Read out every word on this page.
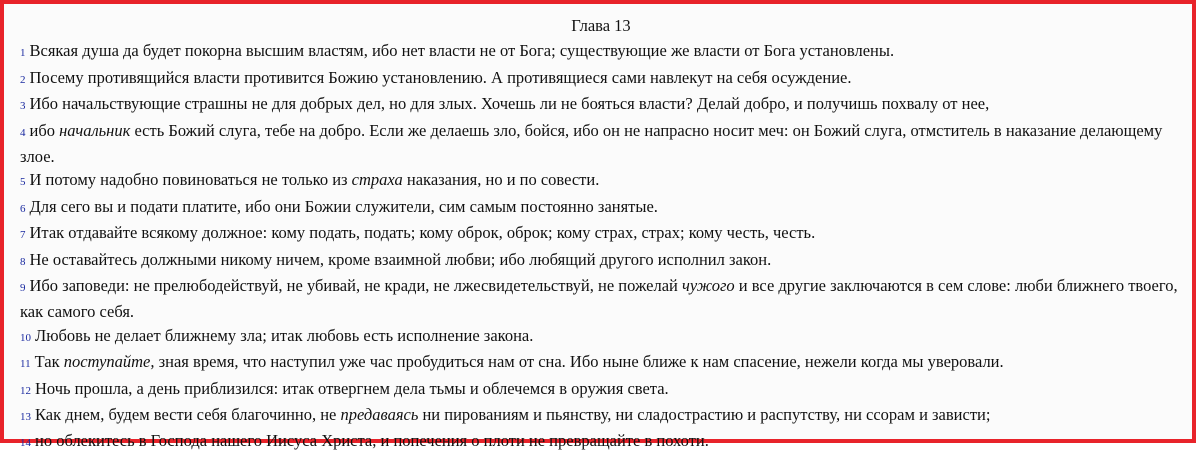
Глава 13

1 Всякая душа да будет покорна высшим властям, ибо нет власти не от Бога; существующие же власти от Бога установлены.

2 Посему противящийся власти противится Божию установлению. А противящиеся сами навлекут на себя осуждение.

3 Ибо начальствующие страшны не для добрых дел, но для злых. Хочешь ли не бояться власти? Делай добро, и получишь похвалу от нее,

4 ибо начальник есть Божий слуга, тебе на добро. Если же делаешь зло, бойся, ибо он не напрасно носит меч: он Божий слуга, отмститель в наказание делающему злое.

5 И потому надобно повиноваться не только из страха наказания, но и по совести.

6 Для сего вы и подати платите, ибо они Божии служители, сим самым постоянно занятые.

7 Итак отдавайте всякому должное: кому подать, подать; кому оброк, оброк; кому страх, страх; кому честь, честь.

8 Не оставайтесь должными никому ничем, кроме взаимной любви; ибо любящий другого исполнил закон.

9 Ибо заповеди: не прелюбодействуй, не убивай, не кради, не лжесвидетельствуй, не пожелай чужого и все другие заключаются в сем слове: люби ближнего твоего, как самого себя.

10 Любовь не делает ближнему зла; итак любовь есть исполнение закона.

11 Так поступайте, зная время, что наступил уже час пробудиться нам от сна. Ибо ныне ближе к нам спасение, нежели когда мы уверовали.

12 Ночь прошла, а день приблизился: итак отвергнем дела тьмы и облечемся в оружия света.

13 Как днем, будем вести себя благочинно, не предаваясь ни пированиям и пьянству, ни сладострастию и распутству, ни ссорам и зависти;

14 но облекитесь в Господа нашего Иисуса Христа, и попечения о плоти не превращайте в похоти.
